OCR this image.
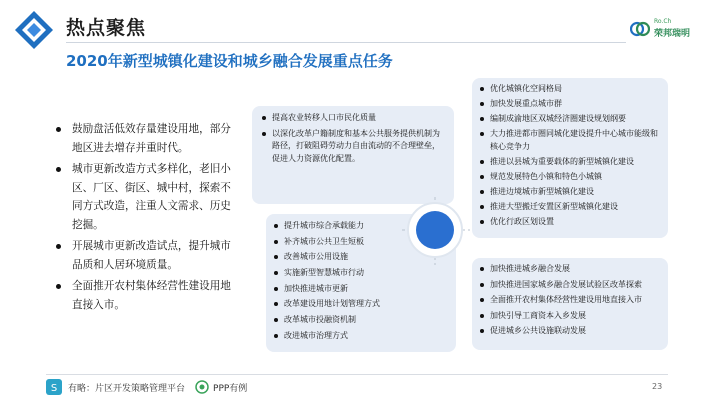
热点聚焦
2020年新型城镇化建设和城乡融合发展重点任务
Ro.Ch
荣邦瑞明
鼓励盘活低效存量建设用地，部分地区进去增存并重时代。
城市更新改造方式多样化，老旧小区、厂区、街区、城中村，探索不同方式改造，注重人文需求、历史挖掘。
开展城市更新改造试点，提升城市品质和人居环境质量。
全面推开农村集体经营性建设用地直接入市。
提高农业转移人口市民化质量
以深化改革户籍制度和基本公共服务提供机制为路径，打破阻碍劳动力自由流动的不合理壁垒，促进人力资源优化配置。
提升城市综合承载能力
补齐城市公共卫生短板
改善城市公用设施
实施新型智慧城市行动
加快推进城市更新
改革建设用地计划管理方式
改革城市投融资机制
改进城市治理方式
优化城镇化空间格局
加快发展重点城市群
编制成渝地区双城经济圈建设规划纲要
大力推进都市圈同城化建设提升中心城市能级和核心竞争力
推进以县城为重要载体的新型城镇化建设
规范发展特色小镇和特色小城镇
推进边境城市新型城镇化建设
推进大型搬迁安置区新型城镇化建设
优化行政区划设置
加快推进城乡融合发展
加快推进国家城乡融合发展试验区改革探索
全面推开农村集体经营性建设用地直接入市
加快引导工商资本入乡发展
促进城乡公共设施联动发展
S 有略：片区开发策略管理平台	PPP有例	23
